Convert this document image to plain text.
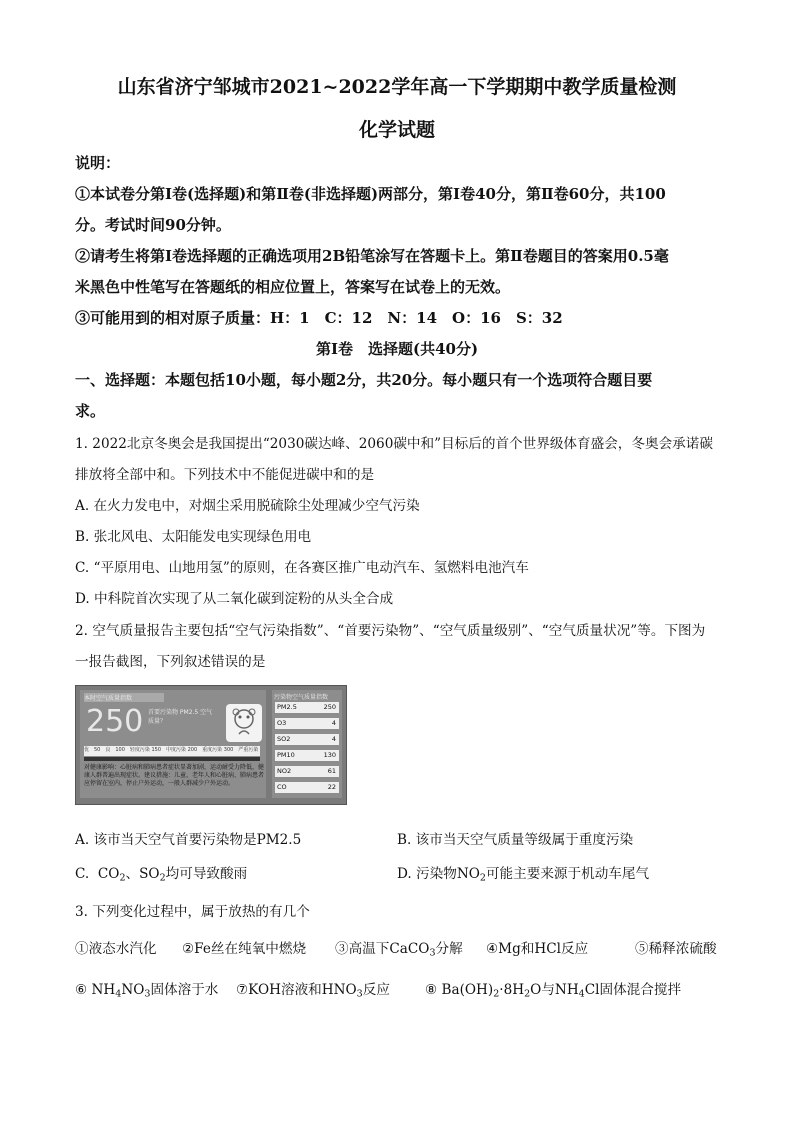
山东省济宁邹城市2021~2022学年高一下学期期中教学质量检测
化学试题
说明：
①本试卷分第Ⅰ卷(选择题)和第Ⅱ卷(非选择题)两部分，第Ⅰ卷40分，第Ⅱ卷60分，共100
分。考试时间90分钟。
②请考生将第Ⅰ卷选择题的正确选项用2B铅笔涂写在答题卡上。第Ⅱ卷题目的答案用0.5毫
米黑色中性笔写在答题纸的相应位置上，答案写在试卷上的无效。
③可能用到的相对原子质量：H：1　C：12　N：14　O：16　S：32
第Ⅰ卷　选择题(共40分)
一、选择题：本题包括10小题，每小题2分，共20分。每小题只有一个选项符合题目要
求。
1. 2022北京冬奥会是我国提出“2030碳达峰、2060碳中和”目标后的首个世界级体育盛会，冬奥会承诺碳
排放将全部中和。下列技术中不能促进碳中和的是
A. 在火力发电中，对烟尘采用脱硫除尘处理减少空气污染
B. 张北风电、太阳能发电实现绿色用电
C. “平原用电、山地用氢”的原则，在各赛区推广电动汽车、氢燃料电池汽车
D. 中科院首次实现了从二氧化碳到淀粉的从头全合成
2. 空气质量报告主要包括“空气污染指数”、“首要污染物”、“空气质量级别”、“空气质量状况”等。下图为
一报告截图，下列叙述错误的是
本时空气质量指数
250 首要污染物 PM2.5 空气质量？
优　50　良　100　轻度污染 150　中度污染 200　重度污染 300　严重污染
对健康影响：心脏病和肺病患者症状显著加剧，运动耐受力降低，健康人群普遍出现症状。建议措施：儿童、老年人和心脏病、肺病患者应停留在室内，停止户外运动，一般人群减少户外运动。
污染物空气质量指数
PM2.5	250
O3	4
SO2	4
PM10	130
NO2	61
CO	22
A. 该市当天空气首要污染物是PM2.5	B. 该市当天空气质量等级属于重度污染
C.  $CO_2$、$SO_2$均可导致酸雨	D. 污染物$NO_2$可能主要来源于机动车尾气
3. 下列变化过程中，属于放热的有几个
①液态水汽化 ②Fe丝在纯氧中燃烧 ③高温下CaCO$_3$分解 ④Mg和HCl反应	⑤稀释浓硫酸
⑥ $NH_4NO_3$固体溶于水 ⑦KOH溶液和$HNO_3$反应	⑧ $Ba(OH)_2\cdot 8H_2O$与$NH_4Cl$固体混合搅拌
